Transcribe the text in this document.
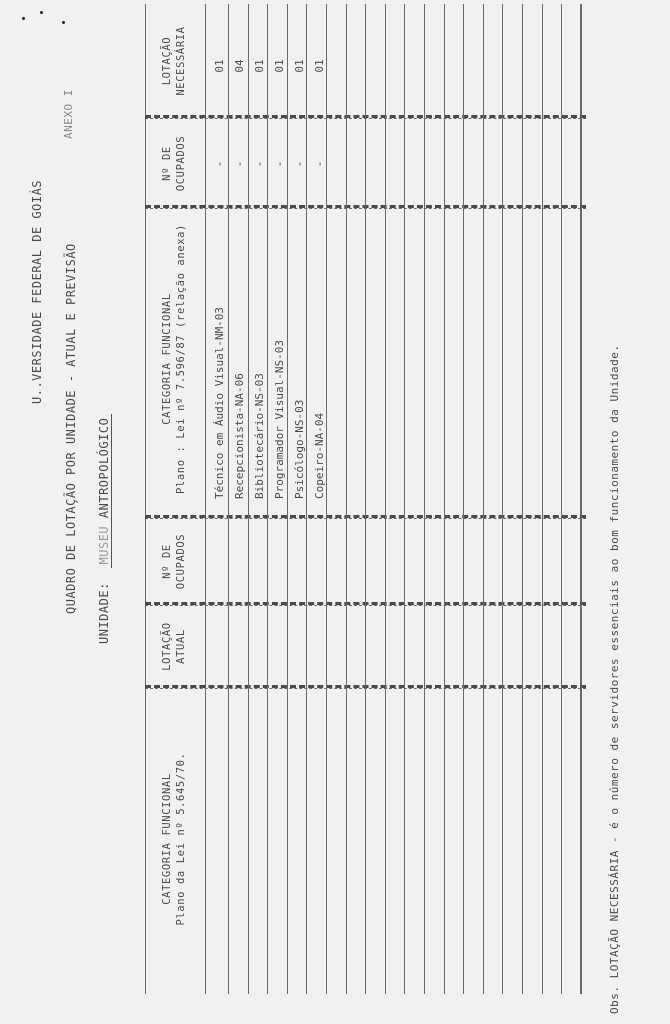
U..VERSIDADE FEDERAL DE GOIÁS QUADRO DE LOTAÇÃO POR UNIDADE - ATUAL E PREVISÃO
ANEXO I
UNIDADE: MUSEU ANTROPOLÓGICO
CATEGORIA FUNCIONAL Plano da Lei nº 5.645/70.
LOTAÇÃO ATUAL
Nº DE OCUPADOS
CATEGORIA FUNCIONAL Plano : Lei nº 7.596/87 (relação anexa)
Nº DE OCUPADOS
LOTAÇÃO NECESSÁRIA
Técnico em Áudio Visual-NM-03
-
01
Recepcionista-NA-06
-
04
Bibliotecário-NS-03
-
01
Programador Visual-NS-03
-
01
Psicólogo-NS-03
-
01
Copeiro-NA-04
-
01
Obs. LOTAÇÃO NECESSÁRIA - é o número de servidores essenciais ao bom funcionamento da Unidade.
